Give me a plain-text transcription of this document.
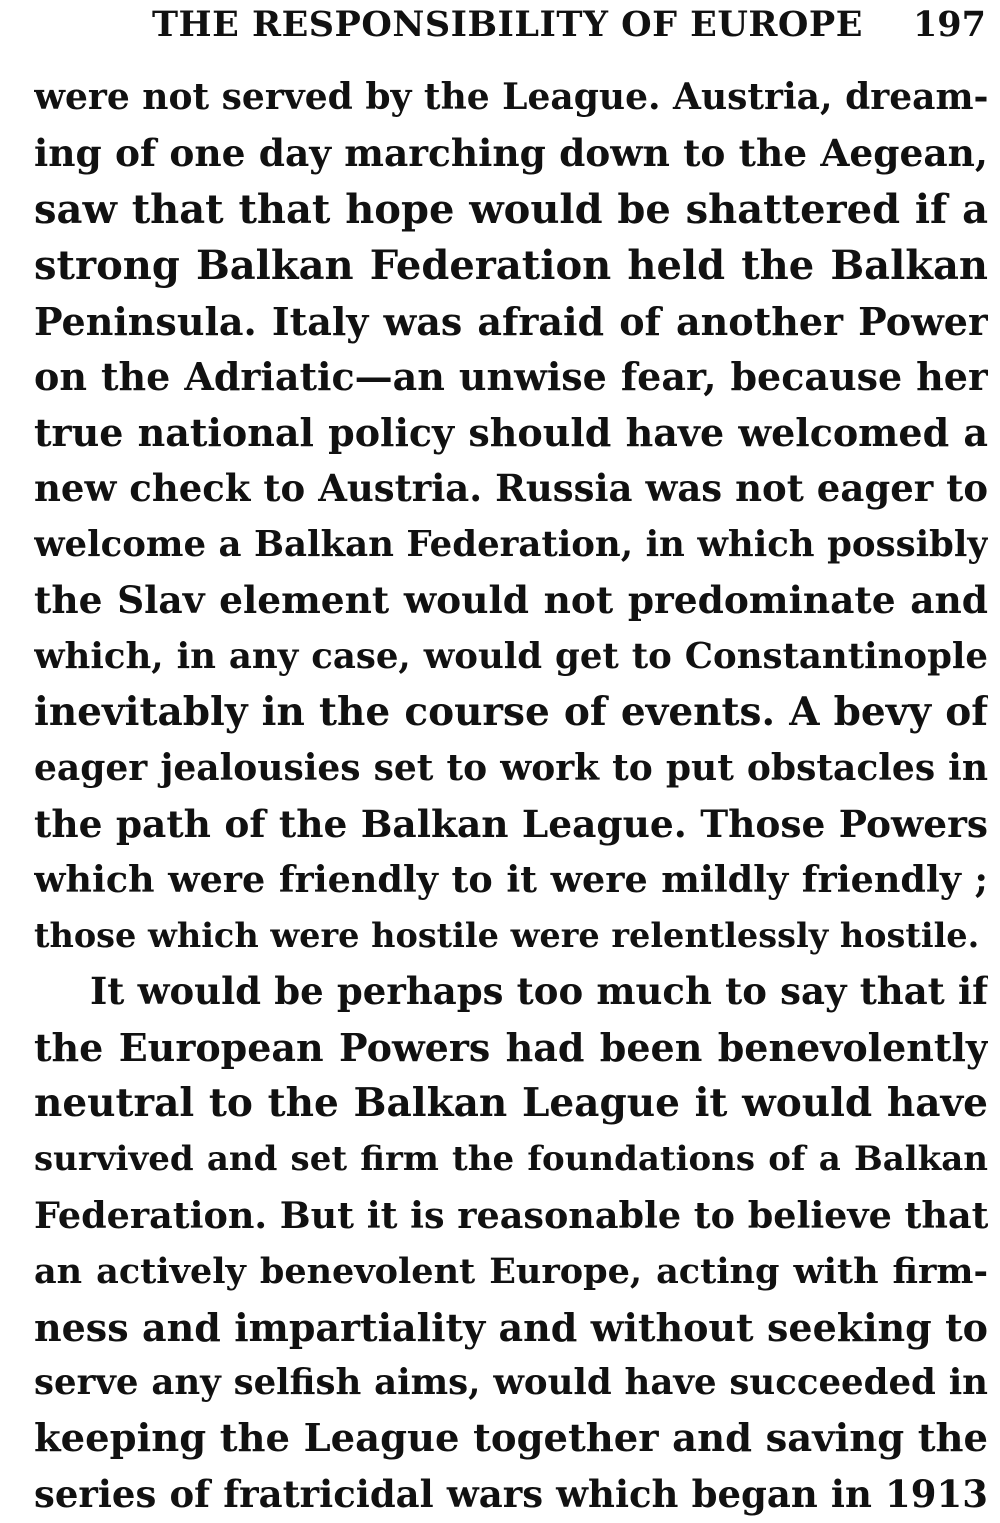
THE RESPONSIBILITY OF EUROPE 197
were not served by the League. Austria, dream-
ing of one day marching down to the Aegean,
saw that that hope would be shattered if a
strong Balkan Federation held the Balkan
Peninsula. Italy was afraid of another Power
on the Adriatic—an unwise fear, because her
true national policy should have welcomed a
new check to Austria. Russia was not eager to
welcome a Balkan Federation, in which possibly
the Slav element would not predominate and
which, in any case, would get to Constantinople
inevitably in the course of events. A bevy of
eager jealousies set to work to put obstacles in
the path of the Balkan League. Those Powers
which were friendly to it were mildly friendly ;
those which were hostile were relentlessly hostile.
It would be perhaps too much to say that if
the European Powers had been benevolently
neutral to the Balkan League it would have
survived and set firm the foundations of a Balkan
Federation. But it is reasonable to believe that
an actively benevolent Europe, acting with firm-
ness and impartiality and without seeking to
serve any selfish aims, would have succeeded in
keeping the League together and saving the
series of fratricidal wars which began in 1913
